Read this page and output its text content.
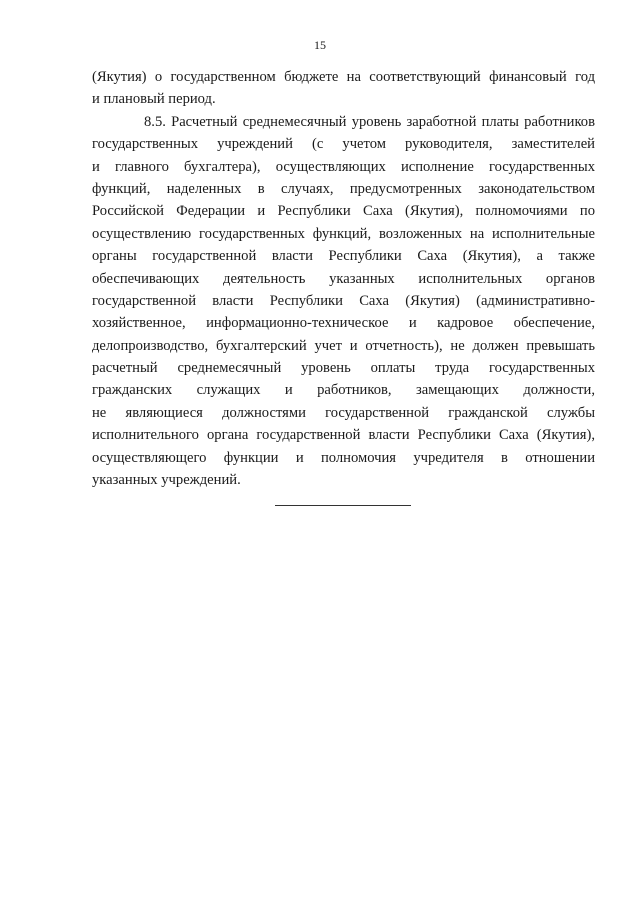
15
(Якутия) о государственном бюджете на соответствующий финансовый год
и плановый период.
8.5. Расчетный среднемесячный уровень заработной платы работников
государственных учреждений (с учетом руководителя, заместителей
и главного бухгалтера), осуществляющих исполнение государственных
функций, наделенных в случаях, предусмотренных законодательством
Российской Федерации и Республики Саха (Якутия), полномочиями по
осуществлению государственных функций, возложенных на исполнительные
органы государственной власти Республики Саха (Якутия), а также
обеспечивающих деятельность указанных исполнительных органов
государственной власти Республики Саха (Якутия) (административно-
хозяйственное, информационно-техническое и кадровое обеспечение,
делопроизводство, бухгалтерский учет и отчетность), не должен превышать
расчетный среднемесячный уровень оплаты труда государственных
гражданских служащих и работников, замещающих должности,
не являющиеся должностями государственной гражданской службы
исполнительного органа государственной власти Республики Саха (Якутия),
осуществляющего функции и полномочия учредителя в отношении
указанных учреждений.
